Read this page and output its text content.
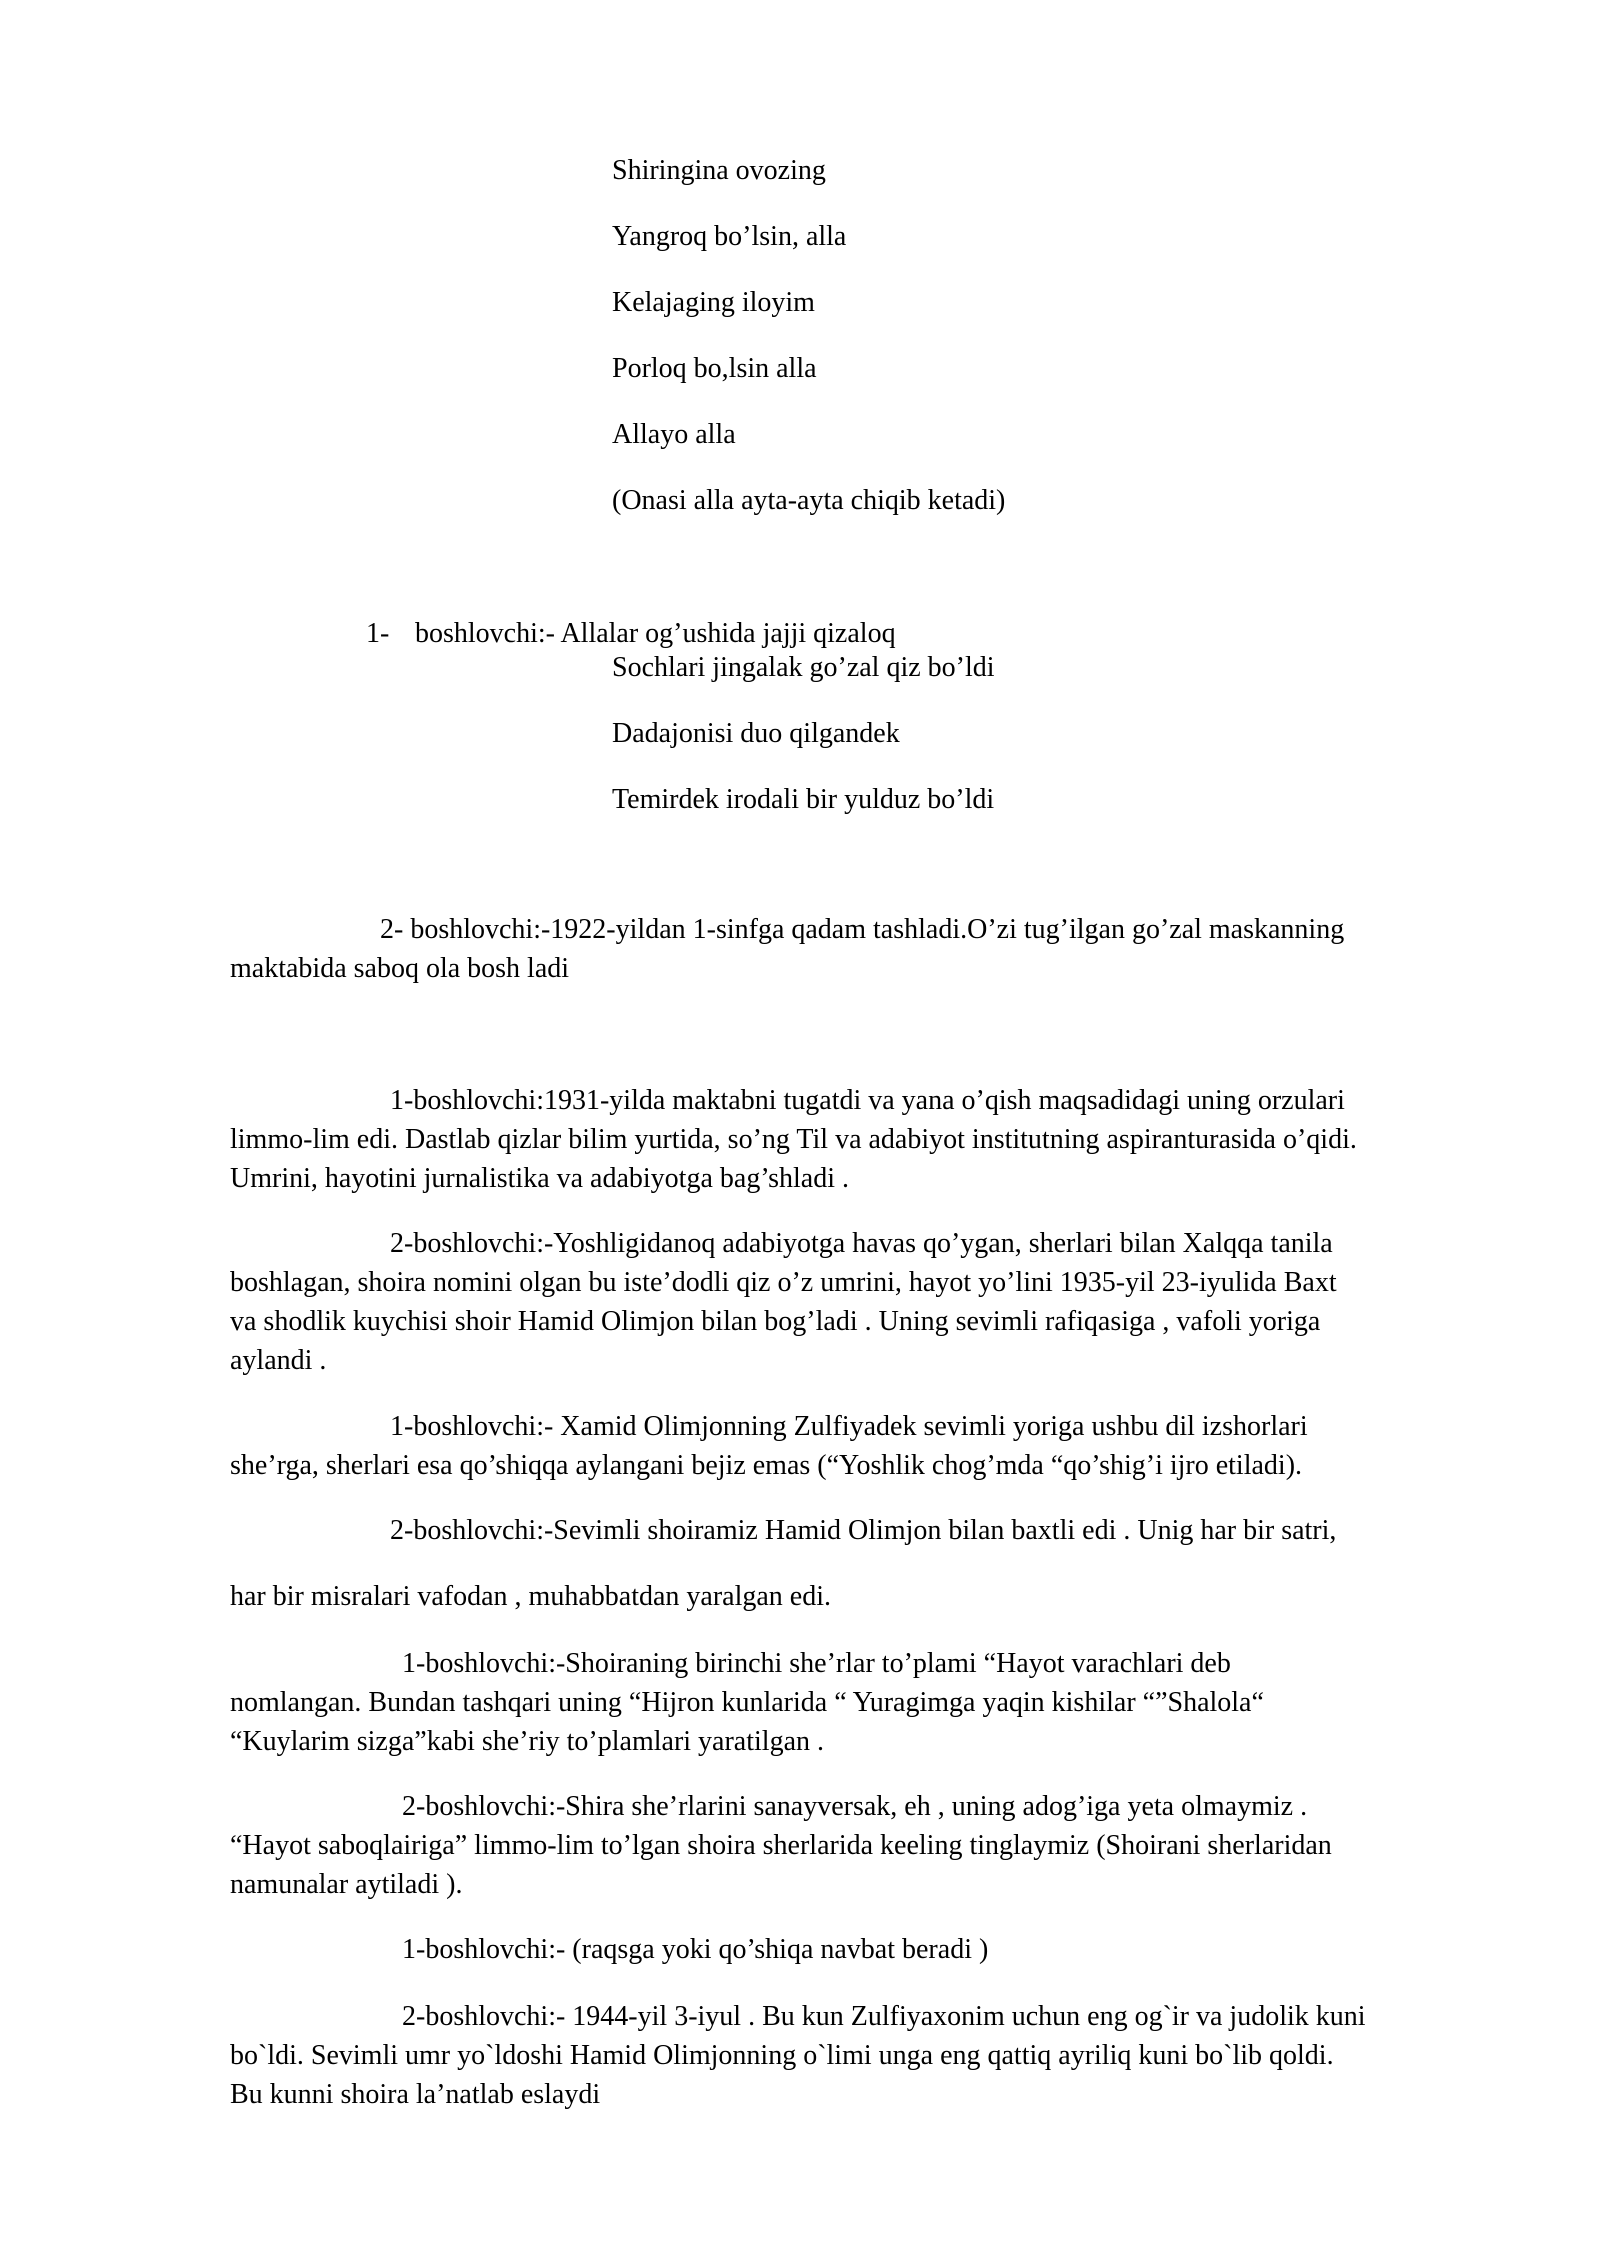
Shiringina ovozing
Yangroq bo’lsin, alla
Kelajaging iloyim
Porloq bo,lsin alla
Allayo alla
(Onasi alla ayta-ayta chiqib ketadi)
1- boshlovchi:- Allalar og’ushida jajji qizaloq
Sochlari jingalak go’zal qiz bo’ldi
Dadajonisi duo qilgandek
Temirdek irodali bir yulduz bo’ldi
2- boshlovchi:-1922-yildan 1-sinfga qadam tashladi.O’zi tug’ilgan go’zal maskanning
maktabida saboq ola bosh ladi
1-boshlovchi:1931-yilda maktabni tugatdi va yana o’qish maqsadidagi uning orzulari
limmo-lim edi. Dastlab qizlar bilim yurtida, so’ng Til va adabiyot institutning aspiranturasida o’qidi.
Umrini, hayotini jurnalistika va adabiyotga bag’shladi .
2-boshlovchi:-Yoshligidanoq adabiyotga havas qo’ygan, sherlari bilan Xalqqa tanila
boshlagan, shoira nomini olgan bu iste’dodli qiz o’z umrini, hayot yo’lini 1935-yil 23-iyulida Baxt
va shodlik kuychisi shoir Hamid Olimjon bilan bog’ladi . Uning sevimli rafiqasiga , vafoli yoriga
aylandi .
1-boshlovchi:- Xamid Olimjonning Zulfiyadek sevimli yoriga ushbu dil izshorlari
she’rga, sherlari esa qo’shiqqa aylangani bejiz emas (“Yoshlik chog’mda “qo’shig’i ijro etiladi).
2-boshlovchi:-Sevimli shoiramiz Hamid Olimjon bilan baxtli edi . Unig har bir satri,
har bir misralari vafodan , muhabbatdan yaralgan edi.
1-boshlovchi:-Shoiraning birinchi she’rlar to’plami “Hayot varachlari deb
nomlangan. Bundan tashqari uning “Hijron kunlarida “ Yuragimga yaqin kishilar “”Shalola“
“Kuylarim sizga”kabi she’riy to’plamlari yaratilgan .
2-boshlovchi:-Shira she’rlarini sanayversak, eh , uning adog’iga yeta olmaymiz .
“Hayot saboqlairiga” limmo-lim to’lgan shoira sherlarida keeling tinglaymiz (Shoirani sherlaridan
namunalar aytiladi ).
1-boshlovchi:- (raqsga yoki qo’shiqa navbat beradi )
2-boshlovchi:- 1944-yil 3-iyul . Bu kun Zulfiyaxonim uchun eng og`ir va judolik kuni
bo`ldi. Sevimli umr yo`ldoshi Hamid Olimjonning o`limi unga eng qattiq ayriliq kuni bo`lib qoldi.
Bu kunni shoira la’natlab eslaydi
